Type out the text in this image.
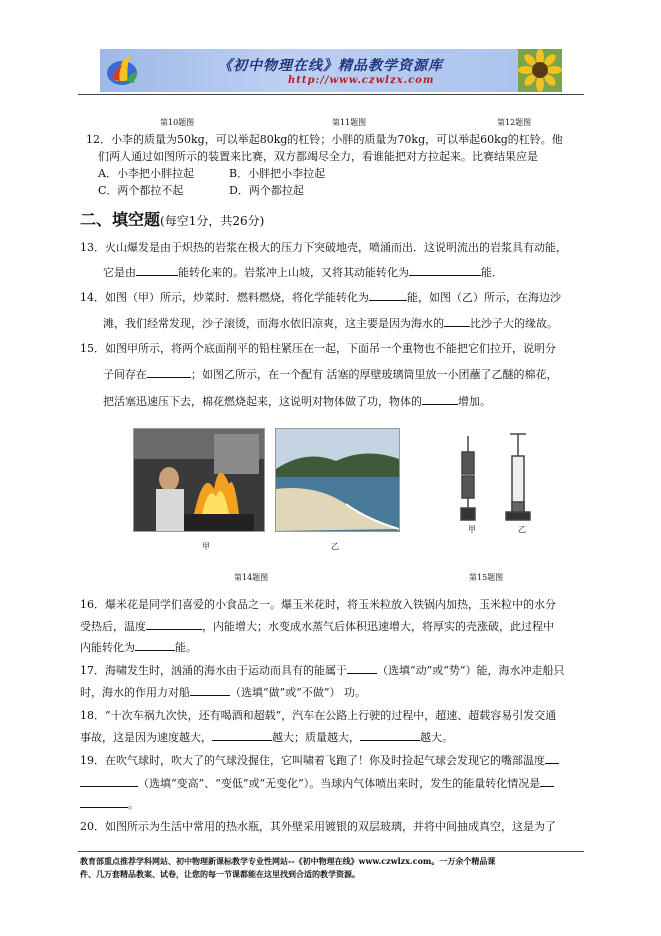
《初中物理在线》精品教学资源库
http://www.czwlzx.com
第10题图	第11题图	第12题图
12．小李的质量为50kg，可以举起80kg的杠铃；小胖的质量为70kg，可以举起60kg的杠铃。他
们两人通过如图所示的装置来比赛，双方都竭尽全力，看谁能把对方拉起来。比赛结果应是
A．小李把小胖拉起	B．小胖把小李拉起
C．两个都拉不起	D．两个都拉起
二、填空题(每空1分，共26分)
13．火山爆发是由于炽热的岩浆在极大的压力下突破地壳，喷涌而出．这说明流出的岩浆具有动能，
它是由	能转化来的。岩浆冲上山坡，又将其动能转化为	能．
14．如图（甲）所示，炒菜时．燃料燃烧，将化学能转化为	能，如图（乙）所示，在海边沙
滩，我们经常发现，沙子滚烫，而海水依旧凉爽，这主要是因为海水的 比沙子大的缘故。
15．如图甲所示，将两个底面削平的铅柱紧压在一起，下面吊一个重物也不能把它们拉开，说明分
子间存在	；如图乙所示，在一个配有 活塞的厚壁玻璃筒里放一小团蘸了乙醚的棉花，
把活塞迅速压下去，棉花燃烧起来，这说明对物体做了功，物体的	增加。
甲	乙
甲	乙
第14题图	第15题图
16．爆米花是同学们喜爱的小食品之一。爆玉米花时，将玉米粒放入铁锅内加热，玉米粒中的水分
受热后，温度	，内能增大；水变成水蒸气后体积迅速增大，将厚实的壳涨破，此过程中
内能转化为	能。
17．海啸发生时，汹涌的海水由于运动而具有的能属于	（选填“动”或“势”）能，海水冲走船只
时，海水的作用力对船	（选填“做”或“不做”） 功。
18．“十次车祸九次快，还有喝酒和超载”，汽车在公路上行驶的过程中，超速、超载容易引发交通
事故，这是因为速度越大，	越大；质量越大，	越大。
19．在吹气球时，吹大了的气球没握住，它叫啸着飞跑了！你及时捡起气球会发现它的嘴部温度
（选填“变高”、“变低”或“无变化”）。当球内气体喷出来时，发生的能量转化情况是
。
20．如图所示为生活中常用的热水瓶，其外壁采用镀银的双层玻璃，并将中间抽成真空，这是为了
教育部重点推荐学科网站、初中物理新课标教学专业性网站--《初中物理在线》www.czwlzx.com。一万余个精品课
件、几万套精品教案、试卷，让您的每一节课都能在这里找到合适的教学资源。
